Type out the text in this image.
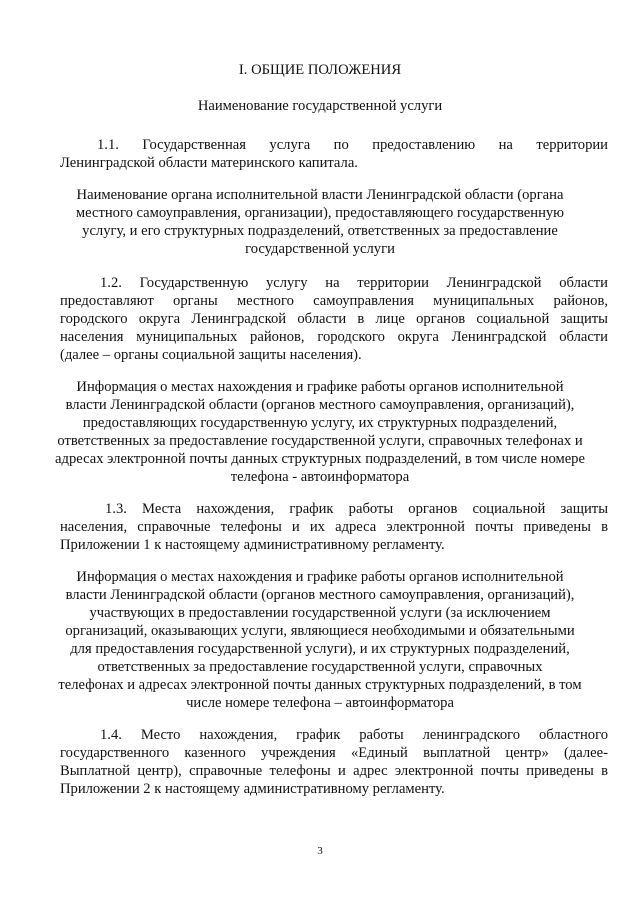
I. ОБЩИЕ ПОЛОЖЕНИЯ
Наименование государственной услуги
1.1. Государственная услуга по предоставлению на территории
Ленинградской области материнского капитала.
Наименование органа исполнительной власти Ленинградской области (органа
местного самоуправления, организации), предоставляющего государственную
услугу, и его структурных подразделений, ответственных за предоставление
государственной услуги
1.2. Государственную услугу на территории Ленинградской области
предоставляют органы местного самоуправления муниципальных районов,
городского округа Ленинградской области в лице органов социальной защиты
населения муниципальных районов, городского округа Ленинградской области
(далее – органы социальной защиты населения).
Информация о местах нахождения и графике работы органов исполнительной
власти Ленинградской области (органов местного самоуправления, организаций),
предоставляющих государственную услугу, их структурных подразделений,
ответственных за предоставление государственной услуги, справочных телефонах и
адресах электронной почты данных структурных подразделений, в том числе номере
телефона - автоинформатора
1.3. Места нахождения, график работы органов социальной защиты
населения, справочные телефоны и их адреса электронной почты приведены в
Приложении 1 к настоящему административному регламенту.
Информация о местах нахождения и графике работы органов исполнительной
власти Ленинградской области (органов местного самоуправления, организаций),
участвующих в предоставлении государственной услуги (за исключением
организаций, оказывающих услуги, являющиеся необходимыми и обязательными
для предоставления государственной услуги), и их структурных подразделений,
ответственных за предоставление государственной услуги, справочных
телефонах и адресах электронной почты данных структурных подразделений, в том
числе номере телефона – автоинформатора
1.4. Место нахождения, график работы ленинградского областного
государственного казенного учреждения «Единый выплатной центр» (далее-
Выплатной центр), справочные телефоны и адрес электронной почты приведены в
Приложении 2 к настоящему административному регламенту.
3
